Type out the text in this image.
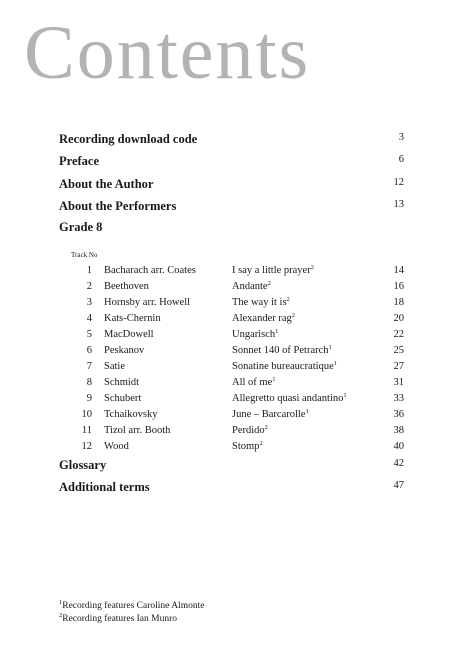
Contents
Recording download code	3
Preface	6
About the Author	12
About the Performers	13
Grade 8
Track No
1 Bacharach arr. Coates	I say a little prayer$^2$	14
2 Beethoven	Andante$^2$	16
3 Hornsby arr. Howell	The way it $is^2$	18
4 Kats-Chernin	Alexander rag$^2$	20
5 MacDowell	Ungarisch$^1$	22
6 Peskanov	Sonnet 140 of Petrarch$^1$	25
7 Satie	Sonatine bureaucratique$^1$	27
8 Schmidt	All of $me^1$	31
9 Schubert	Allegretto quasi andantino$^1$	33
10 Tchaikovsky	June – Barcarolle$^1$	36
11 Tizol arr. Booth	Perdido$^2$	38
12 Wood	Stomp$^2$	40
Glossary	42
Additional terms	47
$^1$Recording features Caroline Almonte
$^2$Recording features Ian Munro
